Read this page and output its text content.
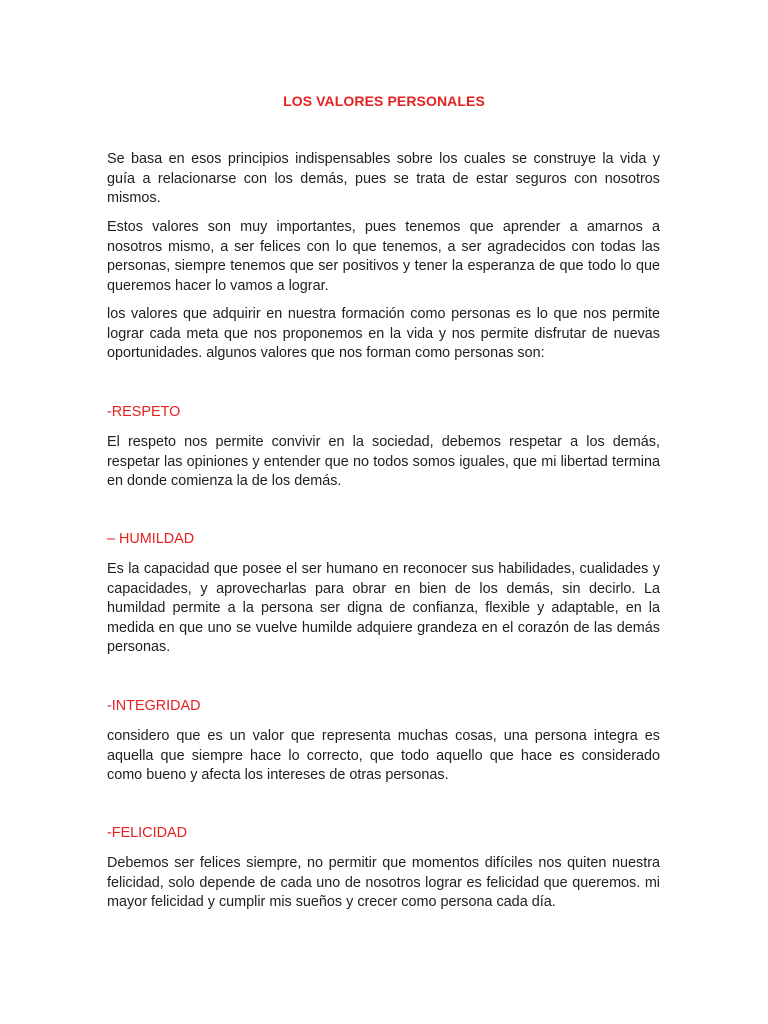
LOS VALORES PERSONALES

Se basa en esos principios indispensables sobre los cuales se construye la vida y guía a relacionarse con los demás, pues se trata de estar seguros con nosotros mismos.

Estos valores son muy importantes, pues tenemos que aprender a amarnos a nosotros mismo, a ser felices con lo que tenemos, a ser agradecidos con todas las personas, siempre tenemos que ser positivos y tener la esperanza de que todo lo que queremos hacer lo vamos a lograr.

los valores que adquirir en nuestra formación como personas es lo que nos permite lograr cada meta que nos proponemos en la vida y nos permite disfrutar de nuevas oportunidades. algunos valores que nos forman como personas son:

-RESPETO

El respeto nos permite convivir en la sociedad, debemos respetar a los demás, respetar las opiniones y entender que no todos somos iguales, que mi libertad termina en donde comienza la de los demás.

– HUMILDAD

Es la capacidad que posee el ser humano en reconocer sus habilidades, cualidades y capacidades, y aprovecharlas para obrar en bien de los demás, sin decirlo. La humildad permite a la persona ser digna de confianza, flexible y adaptable, en la medida en que uno se vuelve humilde adquiere grandeza en el corazón de las demás personas.

-INTEGRIDAD

considero que es un valor que representa muchas cosas, una persona integra es aquella que siempre hace lo correcto, que todo aquello que hace es considerado como bueno y afecta los intereses de otras personas.

-FELICIDAD

Debemos ser felices siempre, no permitir que momentos difíciles nos quiten nuestra felicidad, solo depende de cada uno de nosotros lograr es felicidad que queremos. mi mayor felicidad y cumplir mis sueños y crecer como persona cada día.
